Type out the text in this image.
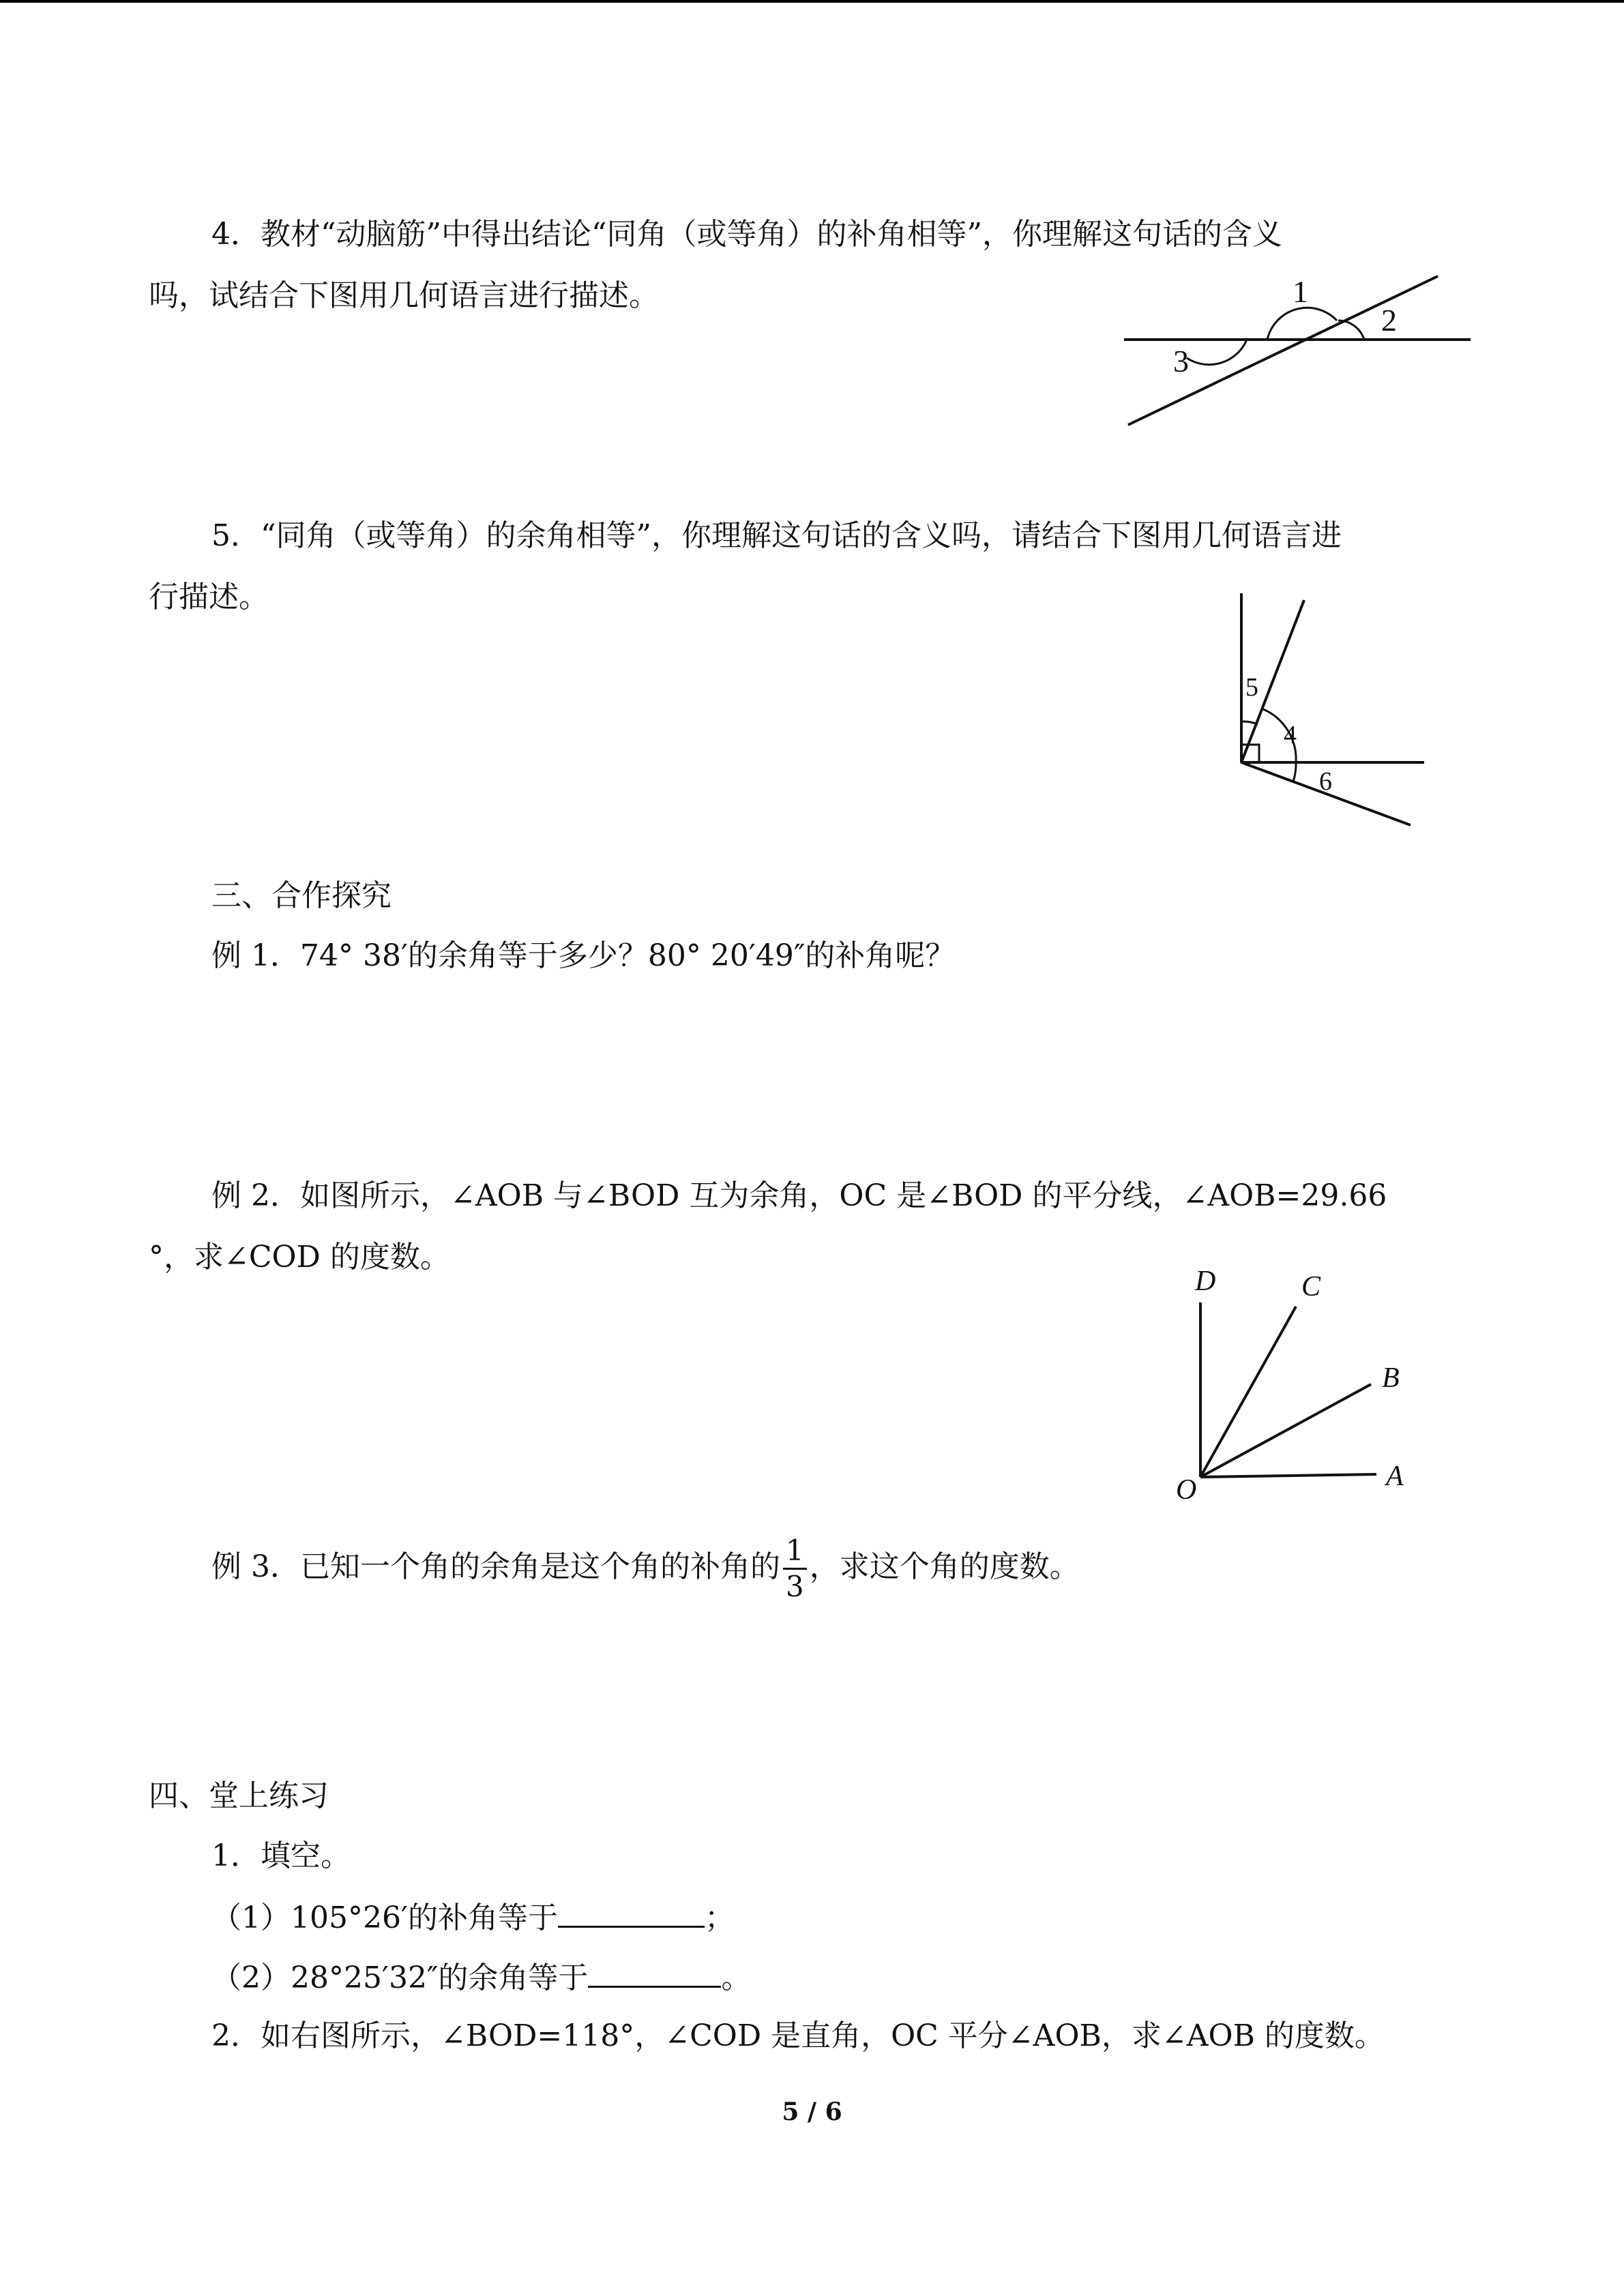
4．教材“动脑筋”中得出结论“同角（或等角）的补角相等”，你理解这句话的含义
吗，试结合下图用几何语言进行描述。	1
2
3
5．“同角（或等角）的余角相等”，你理解这句话的含义吗，请结合下图用几何语言进
行描述。
5
4
6
三、合作探究
例 1．74° 38′的余角等于多少？80° 20′49″的补角呢？
例 2．如图所示，∠AOB 与∠BOD 互为余角，OC 是∠BOD 的平分线，∠AOB=29.66
°，求∠COD 的度数。
D	C
B
A
O
例 3．已知一个角的余角是这个角的补角的 $\frac{1}{3}$ ，求这个角的度数。
四、堂上练习
1．填空。
（1）105°26′的补角等于	；
（2）28°25′32″的余角等于	。
2．如右图所示，∠BOD=118°，∠COD 是直角，OC 平分∠AOB，求∠AOB 的度数。
5 / 6
